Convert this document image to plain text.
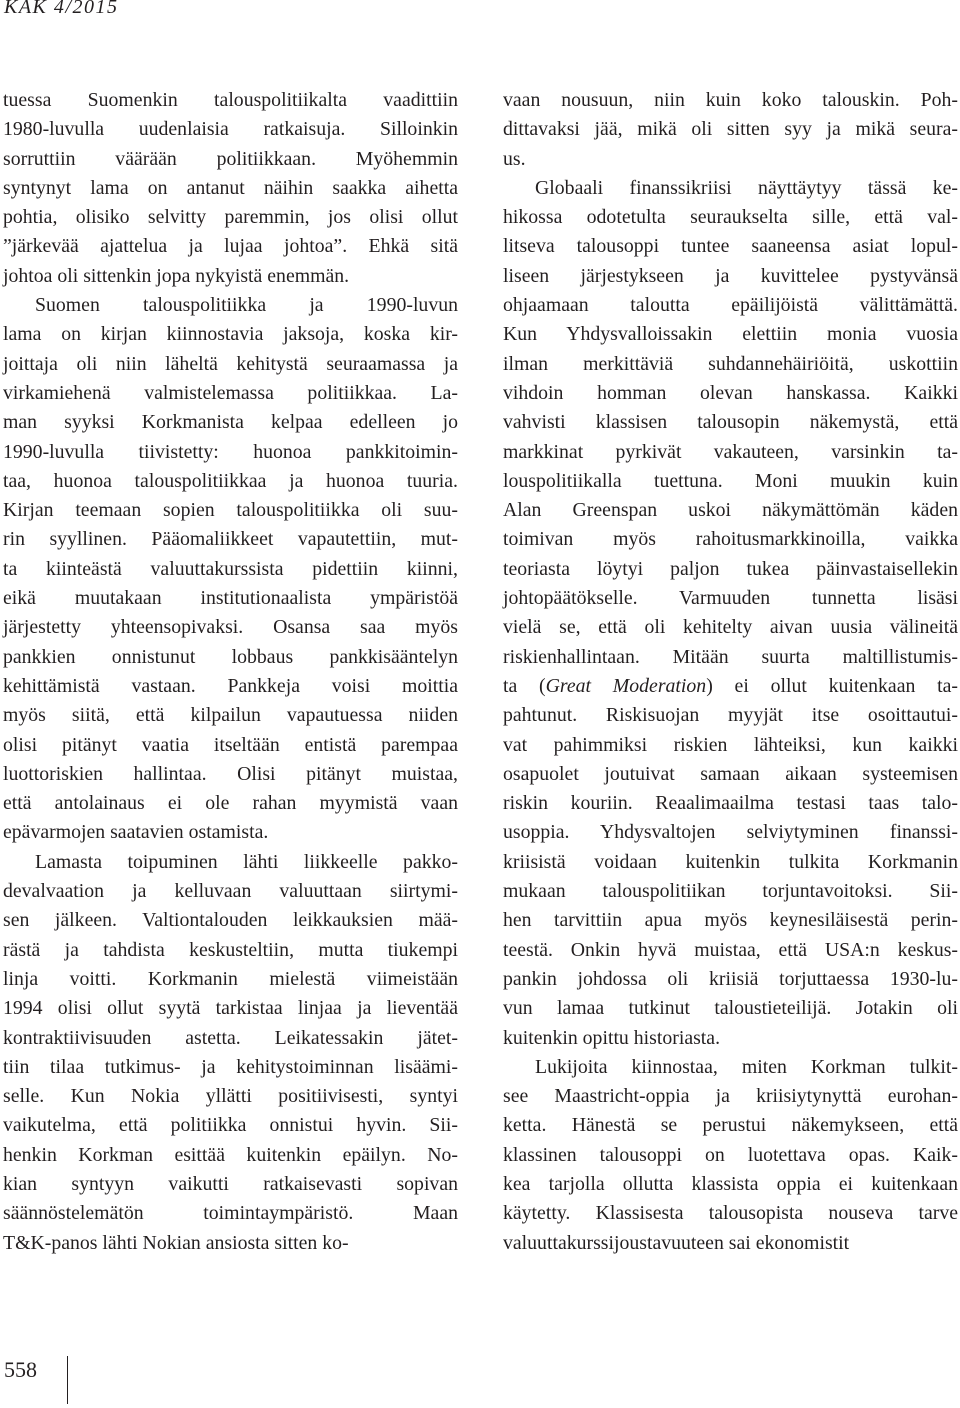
KAK 4/2015

tuessa Suomenkin talouspolitiikalta vaadittiin
1980-luvulla uudenlaisia ratkaisuja. Silloinkin
sorruttiin väärään politiikkaan. Myöhemmin
syntynyt lama on antanut näihin saakka aihetta
pohtia, olisiko selvitty paremmin, jos olisi ollut
”järkevää ajattelua ja lujaa johtoa”. Ehkä sitä
johtoa oli sittenkin jopa nykyistä enemmän.

Suomen talouspolitiikka ja 1990-luvun
lama on kirjan kiinnostavia jaksoja, koska kir-
joittaja oli niin läheltä kehitystä seuraamassa ja
virkamiehenä valmistelemassa politiikkaa. La-
man syyksi Korkmanista kelpaa edelleen jo
1990-luvulla tiivistetty: huonoa pankkitoimin-
taa, huonoa talouspolitiikkaa ja huonoa tuuria.
Kirjan teemaan sopien talouspolitiikka oli suu-
rin syyllinen. Pääomaliikkeet vapautettiin, mut-
ta kiinteästä valuuttakurssista pidettiin kiinni,
eikä muutakaan institutionaalista ympäristöä
järjestetty yhteensopivaksi. Osansa saa myös
pankkien onnistunut lobbaus pankkisääntelyn
kehittämistä vastaan. Pankkeja voisi moittia
myös siitä, että kilpailun vapautuessa niiden
olisi pitänyt vaatia itseltään entistä parempaa
luottoriskien hallintaa. Olisi pitänyt muistaa,
että antolainaus ei ole rahan myymistä vaan
epävarmojen saatavien ostamista.

Lamasta toipuminen lähti liikkeelle pakko-
devalvaation ja kelluvaan valuuttaan siirtymi-
sen jälkeen. Valtiontalouden leikkauksien mää-
rästä ja tahdista keskusteltiin, mutta tiukempi
linja voitti. Korkmanin mielestä viimeistään
1994 olisi ollut syytä tarkistaa linjaa ja lieventää
kontraktiivisuuden astetta. Leikatessakin jätet-
tiin tilaa tutkimus- ja kehitystoiminnan lisäämi-
selle. Kun Nokia yllätti positiivisesti, syntyi
vaikutelma, että politiikka onnistui hyvin. Sii-
henkin Korkman esittää kuitenkin epäilyn. No-
kian syntyyn vaikutti ratkaisevasti sopivan
säännöstelemätön toimintaympäristö. Maan
T&K-panos lähti Nokian ansiosta sitten ko-

vaan nousuun, niin kuin koko talouskin. Poh-
dittavaksi jää, mikä oli sitten syy ja mikä seura-
us.

Globaali finanssikriisi näyttäytyy tässä ke-
hikossa odotetulta seuraukselta sille, että val-
litseva talousoppi tuntee saaneensa asiat lopul-
liseen järjestykseen ja kuvittelee pystyvänsä
ohjaamaan taloutta epäilijöistä välittämättä.
Kun Yhdysvalloissakin elettiin monia vuosia
ilman merkittäviä suhdannehäiriöitä, uskottiin
vihdoin homman olevan hanskassa. Kaikki
vahvisti klassisen talousopin näkemystä, että
markkinat pyrkivät vakauteen, varsinkin ta-
louspolitiikalla tuettuna. Moni muukin kuin
Alan Greenspan uskoi näkymättömän käden
toimivan myös rahoitusmarkkinoilla, vaikka
teoriasta löytyi paljon tukea päinvastaisellekin
johtopäätökselle. Varmuuden tunnetta lisäsi
vielä se, että oli kehitelty aivan uusia välineitä
riskienhallintaan. Mitään suurta maltillistumis-
ta (Great Moderation) ei ollut kuitenkaan ta-
pahtunut. Riskisuojan myyjät itse osoittautui-
vat pahimmiksi riskien lähteiksi, kun kaikki
osapuolet joutuivat samaan aikaan systeemisen
riskin kouriin. Reaalimaailma testasi taas talo-
usoppia. Yhdysvaltojen selviytyminen finanssi-
kriisistä voidaan kuitenkin tulkita Korkmanin
mukaan talouspolitiikan torjuntavoitoksi. Sii-
hen tarvittiin apua myös keynesiläisestä perin-
teestä. Onkin hyvä muistaa, että USA:n keskus-
pankin johdossa oli kriisiä torjuttaessa 1930-lu-
vun lamaa tutkinut taloustieteilijä. Jotakin oli
kuitenkin opittu historiasta.

Lukijoita kiinnostaa, miten Korkman tulkit-
see Maastricht-oppia ja kriisiytynyttä eurohan-
ketta. Hänestä se perustui näkemykseen, että
klassinen talousoppi on luotettava opas. Kaik-
kea tarjolla ollutta klassista oppia ei kuitenkaan
käytetty. Klassisesta talousopista nouseva tarve
valuuttakurssijoustavuuteen sai ekonomistit

558
